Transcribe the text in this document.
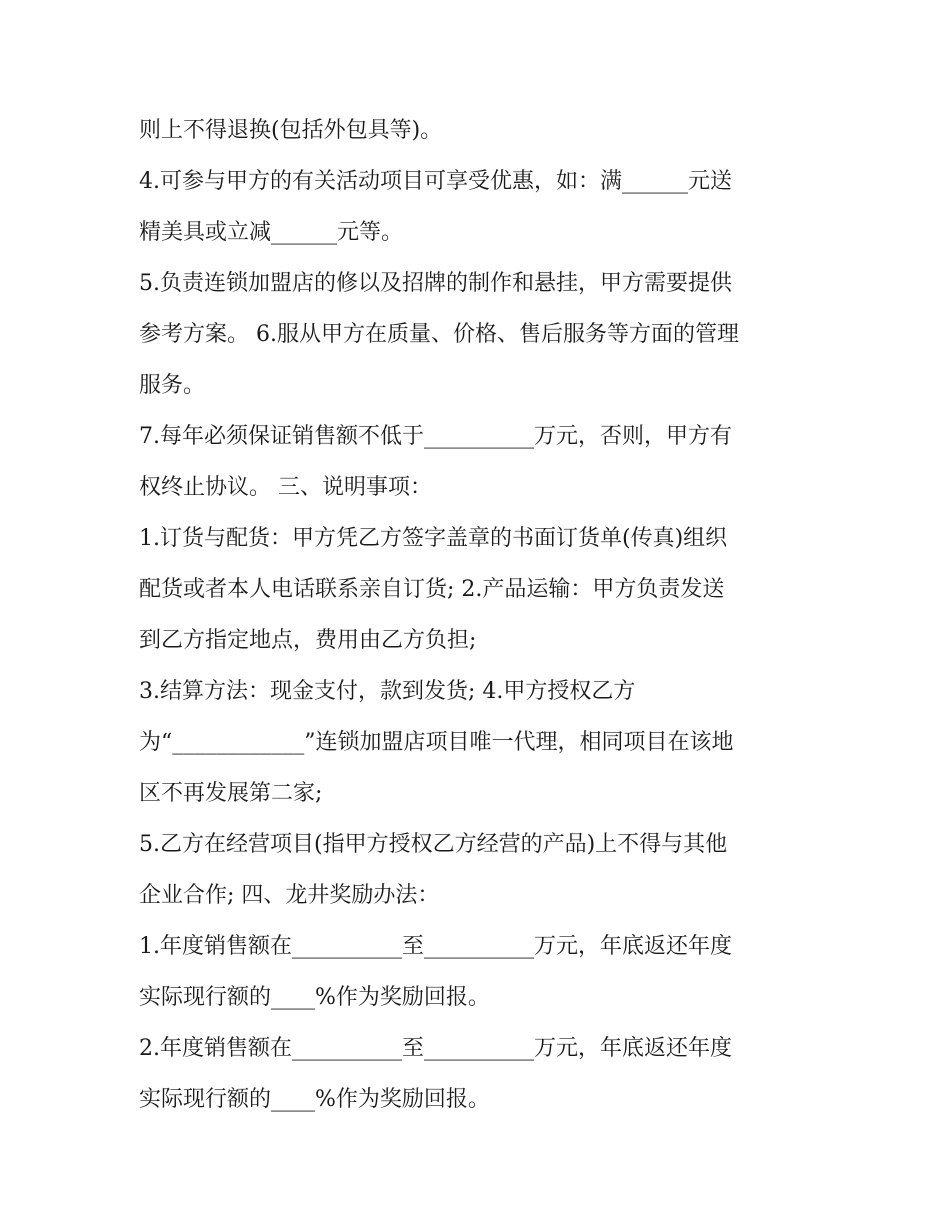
则上不得退换(包括外包具等)。
4.可参与甲方的有关活动项目可享受优惠，如：满______元送
精美具或立减______元等。
5.负责连锁加盟店的修以及招牌的制作和悬挂，甲方需要提供
参考方案。 6.服从甲方在质量、价格、售后服务等方面的管理
服务。
7.每年必须保证销售额不低于__________万元，否则，甲方有
权终止协议。 三、说明事项：
1.订货与配货：甲方凭乙方签字盖章的书面订货单(传真)组织
配货或者本人电话联系亲自订货; 2.产品运输：甲方负责发送
到乙方指定地点，费用由乙方负担;
3.结算方法：现金支付，款到发货; 4.甲方授权乙方
为“____________”连锁加盟店项目唯一代理，相同项目在该地
区不再发展第二家;
5.乙方在经营项目(指甲方授权乙方经营的产品)上不得与其他
企业合作; 四、龙井奖励办法：
1.年度销售额在__________至__________万元，年底返还年度
实际现行额的____%作为奖励回报。
2.年度销售额在__________至__________万元，年底返还年度
实际现行额的____%作为奖励回报。
